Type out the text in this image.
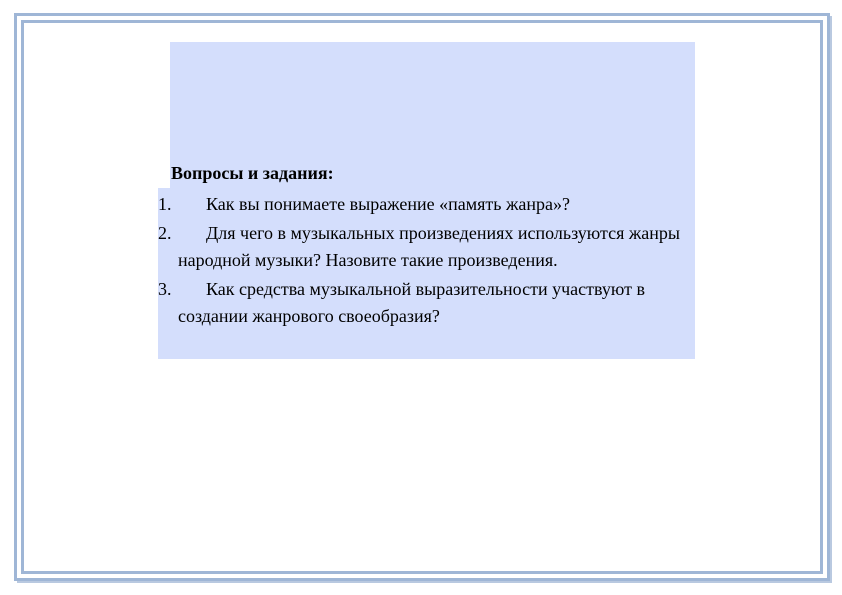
Вопросы и задания:
1.	Как вы понимаете выражение «память жанра»?
2.	Для чего в музыкальных произведениях используются жанры народной музыки? Назовите такие произведения.
3.	Как средства музыкальной выразительности участвуют в создании жанрового своеобразия?
